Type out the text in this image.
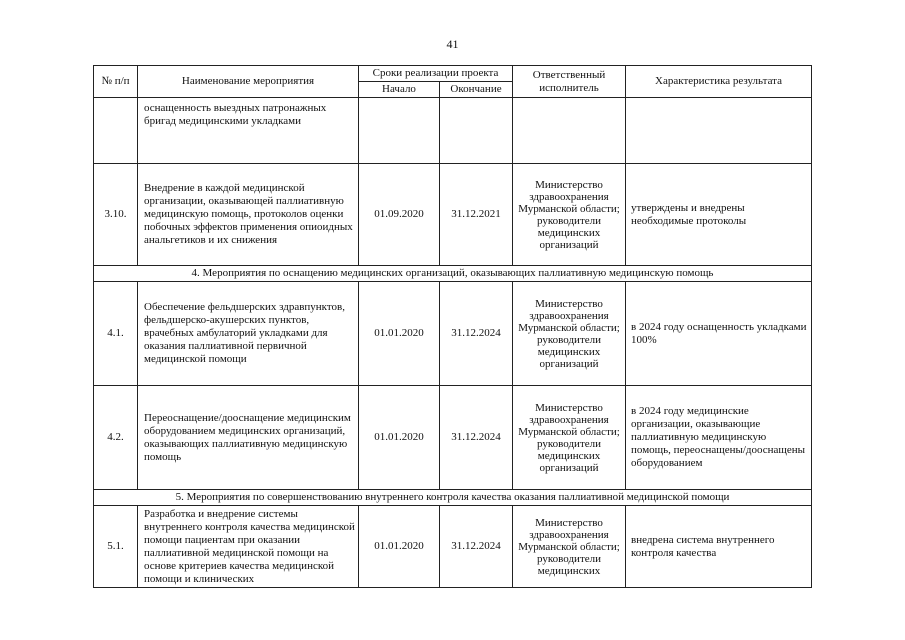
41
№ п/п	Наименование мероприятия	Сроки реализации проекта		Ответственный исполнитель	Характеристика результата
		Начало	Окончание		
	оснащенность выездных патронажных бригад медицинскими укладками				
3.10.	Внедрение в каждой медицинской организации, оказывающей паллиативную медицинскую помощь, протоколов оценки побочных эффектов применения опиоидных анальгетиков и их снижения	01.09.2020	31.12.2021	Министерство здравоохранения Мурманской области; руководители медицинских организаций	утверждены и внедрены необходимые протоколы
4. Мероприятия по оснащению медицинских организаций, оказывающих паллиативную медицинскую помощь					
4.1.	Обеспечение фельдшерских здравпунктов, фельдшерско-акушерских пунктов, врачебных амбулаторий укладками для оказания паллиативной первичной медицинской помощи	01.01.2020	31.12.2024	Министерство здравоохранения Мурманской области; руководители медицинских организаций	в 2024 году оснащенность укладками 100%
4.2.	Переоснащение/дооснащение медицинским оборудованием медицинских организаций, оказывающих паллиативную медицинскую помощь	01.01.2020	31.12.2024	Министерство здравоохранения Мурманской области; руководители медицинских организаций	в 2024 году медицинские организации, оказывающие паллиативную медицинскую помощь, переоснащены/дооснащены оборудованием
5. Мероприятия по совершенствованию внутреннего контроля качества оказания паллиативной медицинской помощи					
5.1.	Разработка и внедрение системы внутреннего контроля качества медицинской помощи пациентам при оказании паллиативной медицинской помощи на основе критериев качества медицинской помощи и клинических	01.01.2020	31.12.2024	Министерство здравоохранения Мурманской области; руководители медицинских	внедрена система внутреннего контроля качества
